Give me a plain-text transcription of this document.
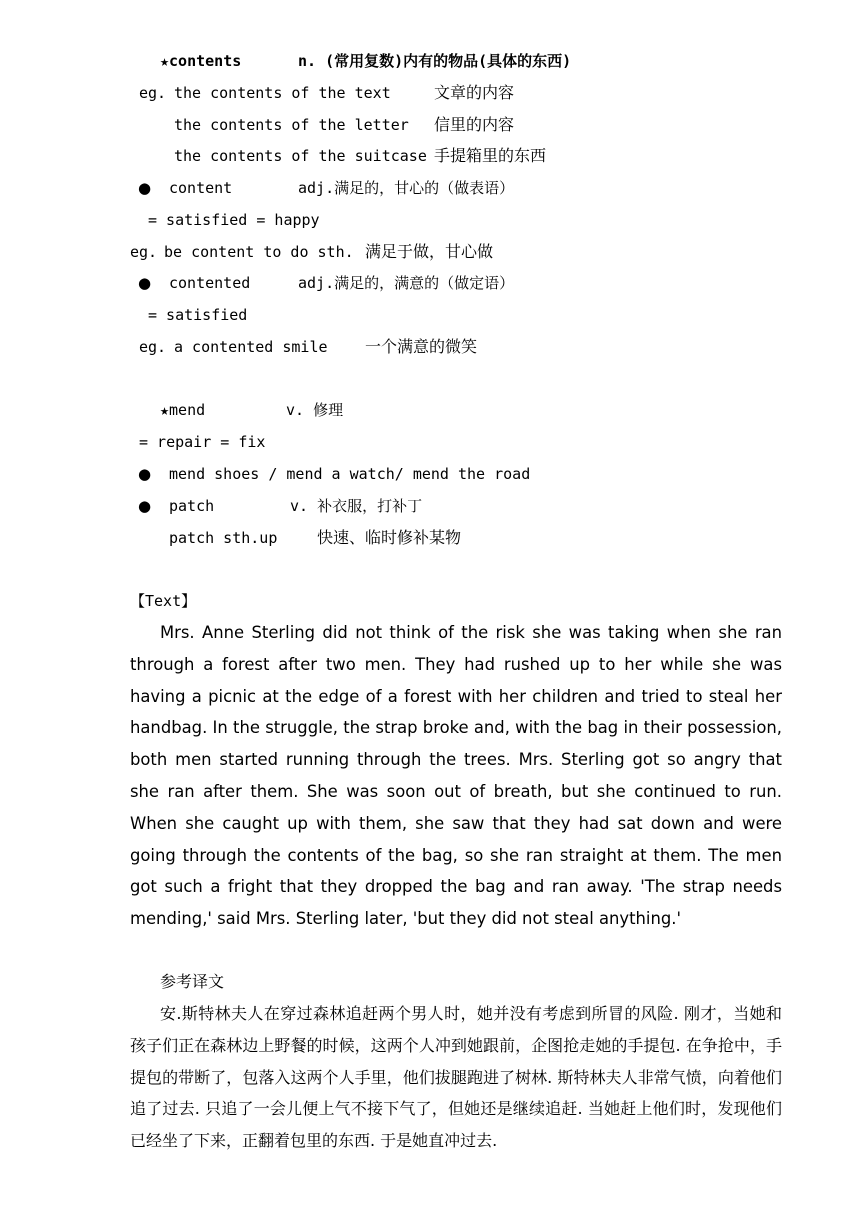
★contents	n. (常用复数)内有的物品(具体的东西)
eg. the contents of the text	文章的内容
the contents of the letter 信里的内容
the contents of the suitcase 手提箱里的东西
● content	adj.满足的，甘心的（做表语）
= satisfied = happy
eg. be content to do sth. 满足于做，甘心做
● contented	adj.满足的，满意的（做定语）
= satisfied
eg. a contented smile 一个满意的微笑
★mend	v. 修理
= repair = fix
● mend shoes / mend a watch/ mend the road
● patch	v. 补衣服，打补丁
patch sth.up 快速、临时修补某物
【Text】
Mrs. Anne Sterling did not think of the risk she was taking when she ran through a forest after two men. They had rushed up to her while she was having a picnic at the edge of a forest with her children and tried to steal her handbag. In the struggle, the strap broke and, with the bag in their possession, both men started running through the trees. Mrs. Sterling got so angry that she ran after them. She was soon out of breath, but she continued to run. When she caught up with them, she saw that they had sat down and were going through the contents of the bag, so she ran straight at them. The men got such a fright that they dropped the bag and ran away. 'The strap needs mending,' said Mrs. Sterling later, 'but they did not steal anything.'
参考译文
安.斯特林夫人在穿过森林追赶两个男人时，她并没有考虑到所冒的风险. 刚才，当她和孩子们正在森林边上野餐的时候，这两个人冲到她跟前，企图抢走她的手提包. 在争抢中，手提包的带断了，包落入这两个人手里，他们拔腿跑进了树林. 斯特林夫人非常气愤，向着他们追了过去. 只追了一会儿便上气不接下气了，但她还是继续追赶. 当她赶上他们时，发现他们已经坐了下来，正翻着包里的东西. 于是她直冲过去.
